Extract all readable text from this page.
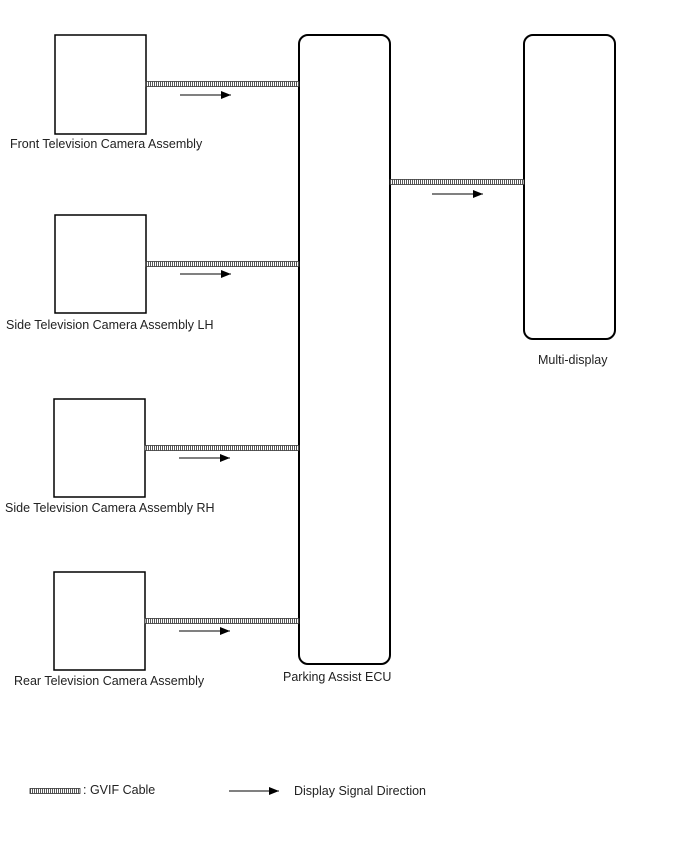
Front Television Camera Assembly
Side Television Camera Assembly LH
Side Television Camera Assembly RH
Rear Television Camera Assembly	Parking Assist ECU
Multi-display
: GVIF Cable	Display Signal Direction
